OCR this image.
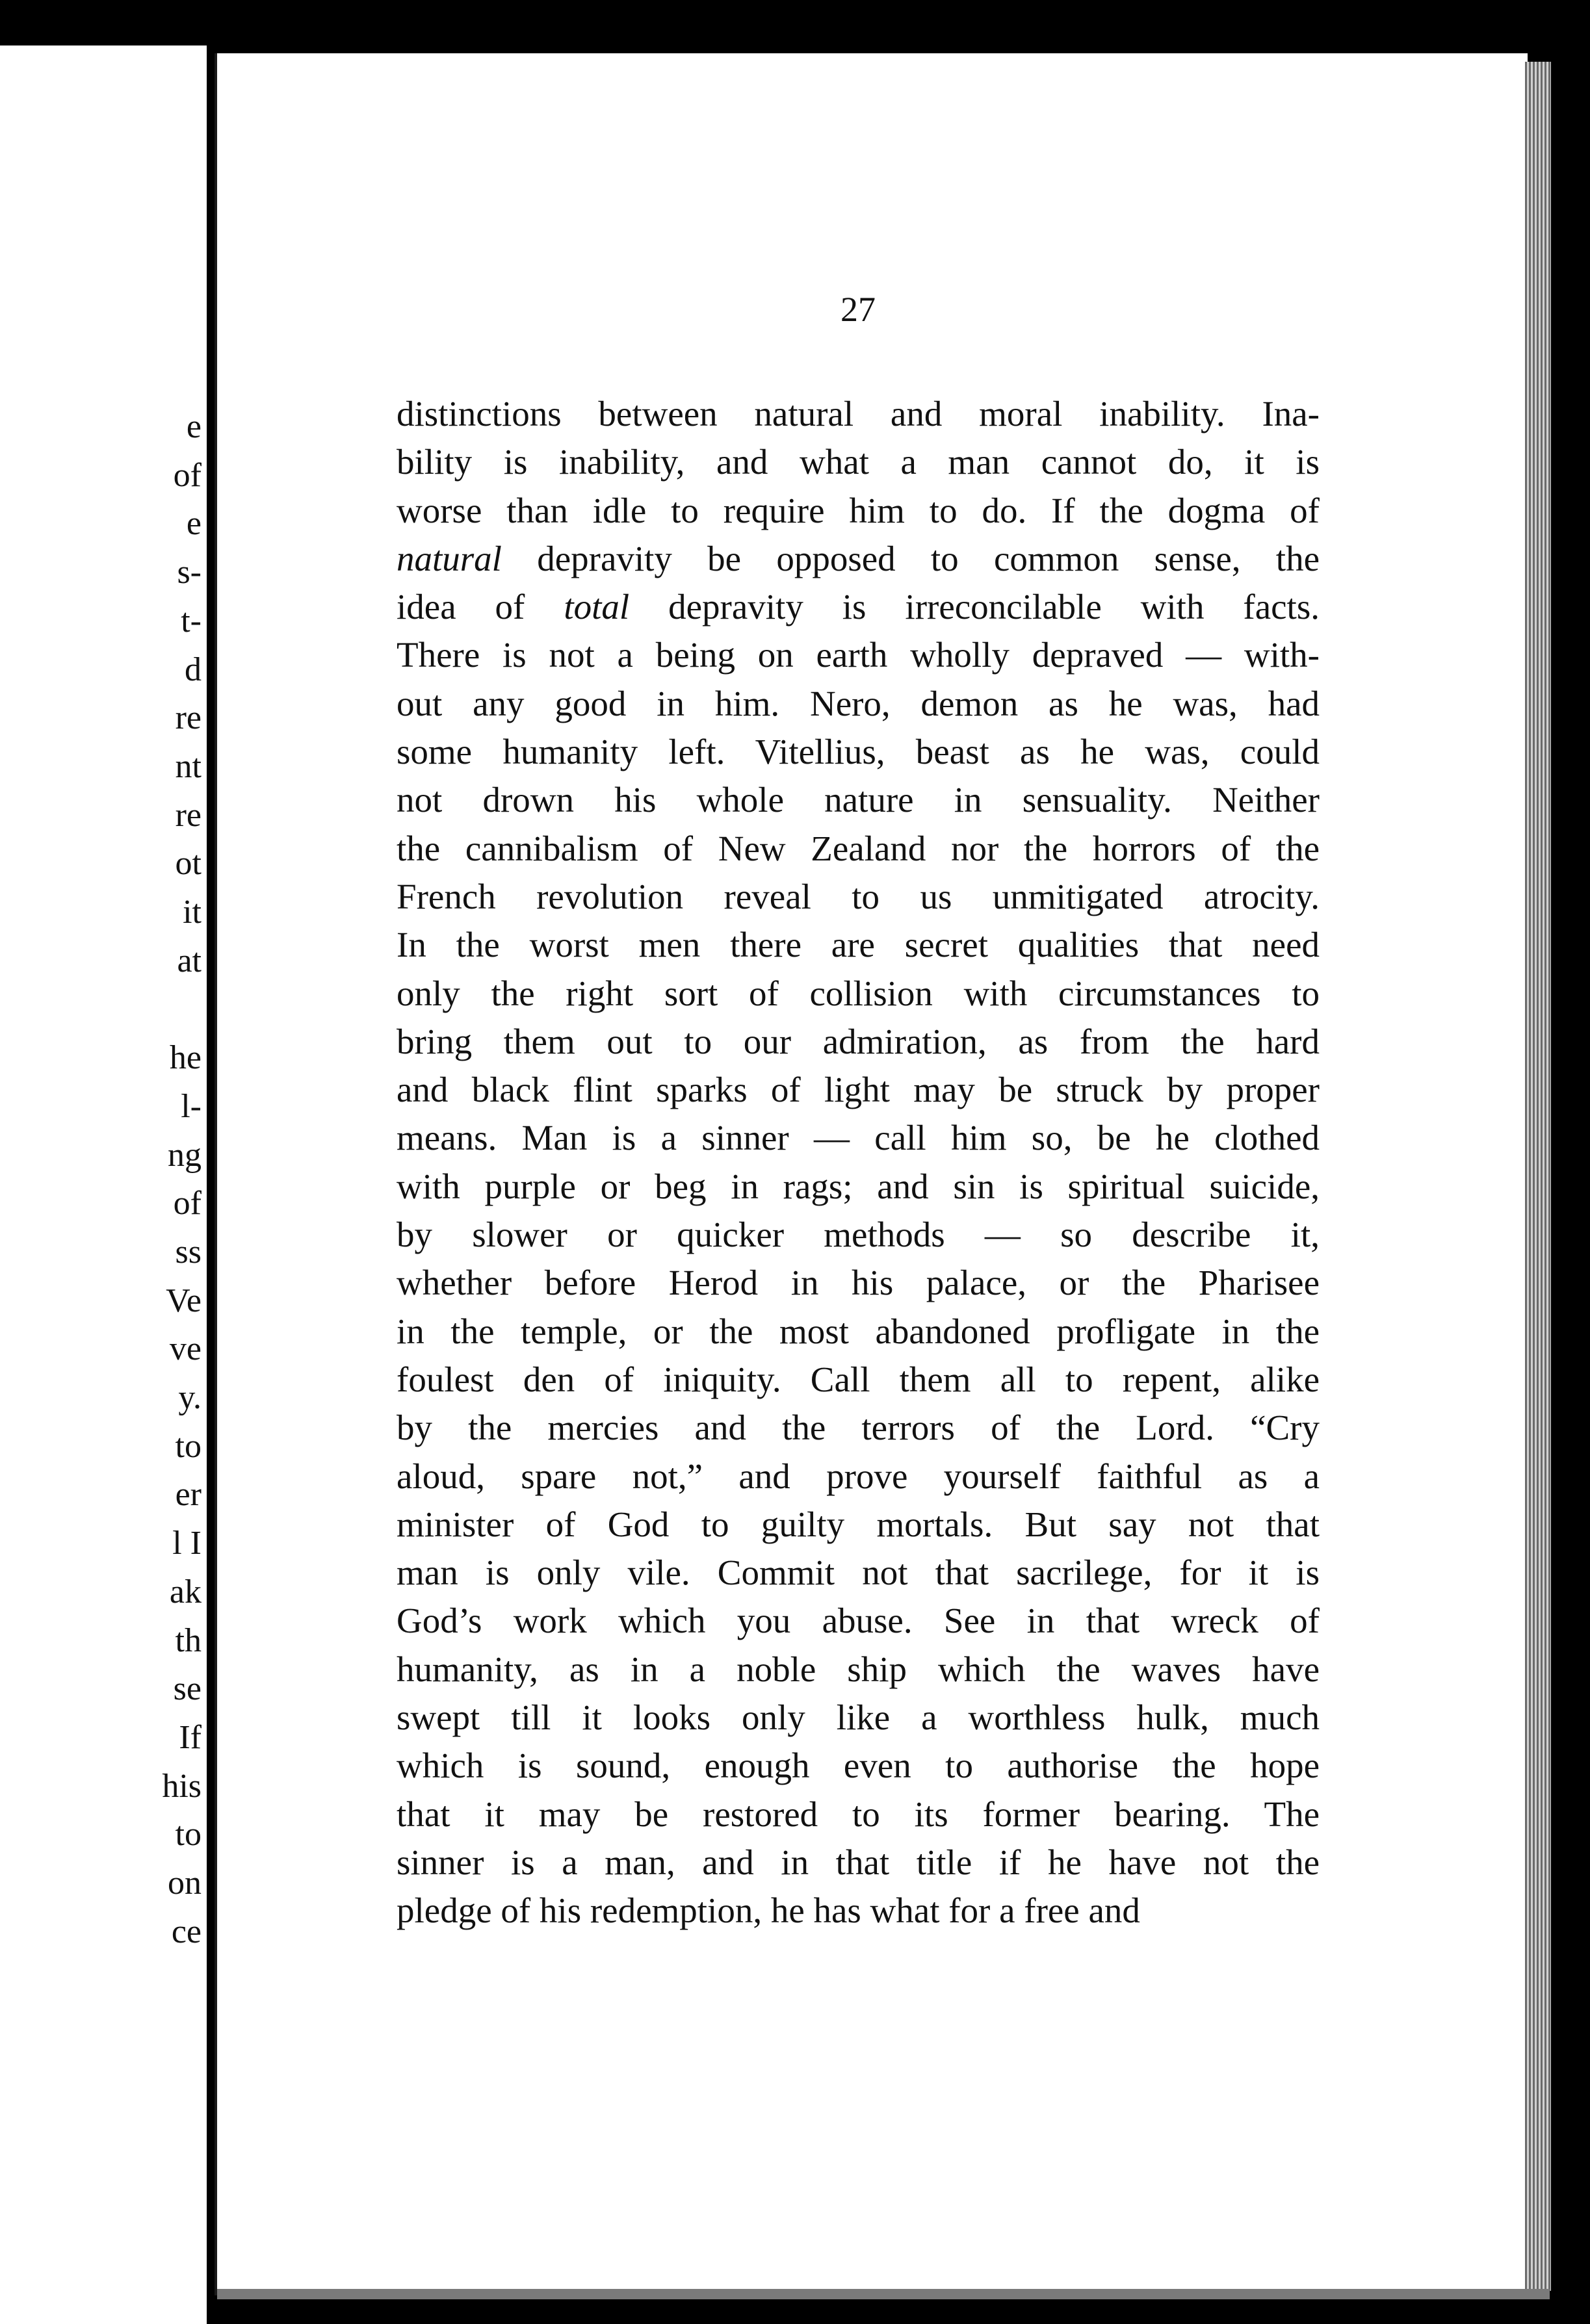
e
of
e
s-
t-
d
re
nt
re
ot
it
at

he
l-
ng
of
ss
Ve
ve
y.
to
er
l I
ak
th
se
If
his
to
on
ce
27
distinctions between natural and moral inability. Ina-
bility is inability, and what a man cannot do, it is
worse than idle to require him to do. If the dogma of
natural depravity be opposed to common sense, the
idea of total depravity is irreconcilable with facts.
There is not a being on earth wholly depraved — with-
out any good in him. Nero, demon as he was, had
some humanity left. Vitellius, beast as he was, could
not drown his whole nature in sensuality. Neither
the cannibalism of New Zealand nor the horrors of the
French revolution reveal to us unmitigated atrocity.
In the worst men there are secret qualities that need
only the right sort of collision with circumstances to
bring them out to our admiration, as from the hard
and black flint sparks of light may be struck by proper
means. Man is a sinner — call him so, be he clothed
with purple or beg in rags; and sin is spiritual suicide,
by slower or quicker methods — so describe it,
whether before Herod in his palace, or the Pharisee
in the temple, or the most abandoned profligate in the
foulest den of iniquity. Call them all to repent, alike
by the mercies and the terrors of the Lord. “Cry
aloud, spare not,” and prove yourself faithful as a
minister of God to guilty mortals. But say not that
man is only vile. Commit not that sacrilege, for it is
God’s work which you abuse. See in that wreck of
humanity, as in a noble ship which the waves have
swept till it looks only like a worthless hulk, much
which is sound, enough even to authorise the hope
that it may be restored to its former bearing. The
sinner is a man, and in that title if he have not the
pledge of his redemption, he has what for a free and
